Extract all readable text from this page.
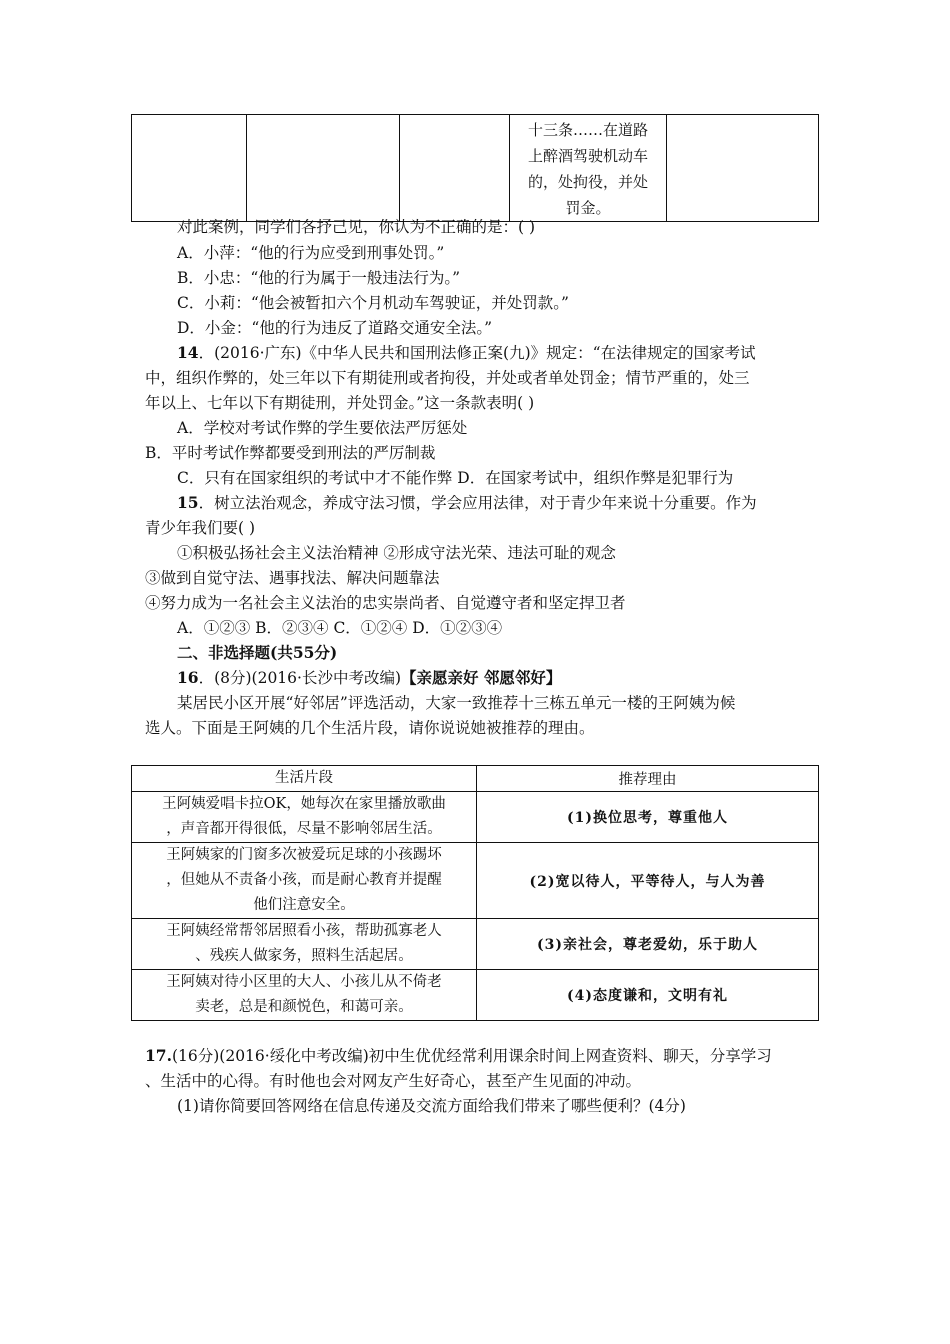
十三条……在道路
上醉酒驾驶机动车
的，处拘役，并处
罚金。

对此案例，同学们各抒己见，你认为不正确的是：( )
A．小萍：“他的行为应受到刑事处罚。”
B．小忠：“他的行为属于一般违法行为。”
C．小莉：“他会被暂扣六个月机动车驾驶证，并处罚款。”
D．小金：“他的行为违反了道路交通安全法。”
14．(2016·广东)《中华人民共和国刑法修正案(九)》规定：“在法律规定的国家考试
中，组织作弊的，处三年以下有期徒刑或者拘役，并处或者单处罚金；情节严重的，处三
年以上、七年以下有期徒刑，并处罚金。”这一条款表明( )
A．学校对考试作弊的学生要依法严厉惩处
B．平时考试作弊都要受到刑法的严厉制裁
C．只有在国家组织的考试中才不能作弊 D．在国家考试中，组织作弊是犯罪行为
15．树立法治观念，养成守法习惯，学会应用法律，对于青少年来说十分重要。作为
青少年我们要( )
①积极弘扬社会主义法治精神 ②形成守法光荣、违法可耻的观念
③做到自觉守法、遇事找法、解决问题靠法
④努力成为一名社会主义法治的忠实崇尚者、自觉遵守者和坚定捍卫者
A．①②③ B．②③④ C．①②④ D．①②③④
二、非选择题(共55分)
16．(8分)(2016·长沙中考改编)【亲愿亲好 邻愿邻好】
某居民小区开展“好邻居”评选活动，大家一致推荐十三栋五单元一楼的王阿姨为候
选人。下面是王阿姨的几个生活片段，请你说说她被推荐的理由。
生活片段	推荐理由

王阿姨爱唱卡拉OK，她每次在家里播放歌曲
，声音都开得很低，尽量不影响邻居生活。	(1)换位思考，尊重他人

王阿姨家的门窗多次被爱玩足球的小孩踢坏
，但她从不责备小孩，而是耐心教育并提醒
他们注意安全。	(2)宽以待人，平等待人，与人为善

王阿姨经常帮邻居照看小孩，帮助孤寡老人
、残疾人做家务，照料生活起居。	(3)亲社会，尊老爱幼，乐于助人

王阿姨对待小区里的大人、小孩儿从不倚老
卖老，总是和颜悦色，和蔼可亲。	(4)态度谦和，文明有礼
17.(16分)(2016·绥化中考改编)初中生优优经常利用课余时间上网查资料、聊天，分享学习
、生活中的心得。有时他也会对网友产生好奇心，甚至产生见面的冲动。
(1)请你简要回答网络在信息传递及交流方面给我们带来了哪些便利？(4分)
